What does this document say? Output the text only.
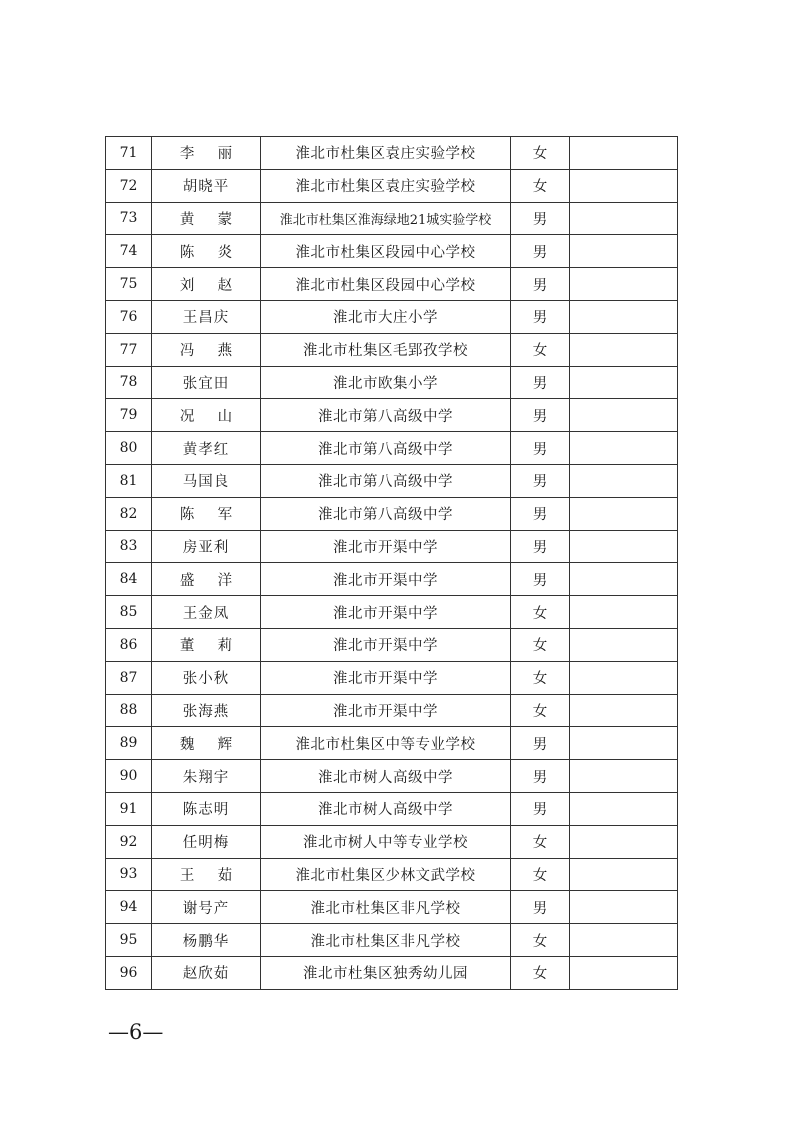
71	李 丽	淮北市杜集区袁庄实验学校	女	
72	胡晓平	淮北市杜集区袁庄实验学校	女	
73	黄 蒙	淮北市杜集区淮海绿地21城实验学校	男	
74	陈 炎	淮北市杜集区段园中心学校	男	
75	刘 赵	淮北市杜集区段园中心学校	男	
76	王昌庆	淮北市大庄小学	男	
77	冯 燕	淮北市杜集区毛郢孜学校	女	
78	张宜田	淮北市欧集小学	男	
79	况 山	淮北市第八高级中学	男	
80	黄孝红	淮北市第八高级中学	男	
81	马国良	淮北市第八高级中学	男	
82	陈 军	淮北市第八高级中学	男	
83	房亚利	淮北市开渠中学	男	
84	盛 洋	淮北市开渠中学	男	
85	王金凤	淮北市开渠中学	女	
86	董 莉	淮北市开渠中学	女	
87	张小秋	淮北市开渠中学	女	
88	张海燕	淮北市开渠中学	女	
89	魏 辉	淮北市杜集区中等专业学校	男	
90	朱翔宇	淮北市树人高级中学	男	
91	陈志明	淮北市树人高级中学	男	
92	任明梅	淮北市树人中等专业学校	女	
93	王 茹	淮北市杜集区少林文武学校	女	
94	谢号产	淮北市杜集区非凡学校	男	
95	杨鹏华	淮北市杜集区非凡学校	女	
96	赵欣茹	淮北市杜集区独秀幼儿园	女	
—6—
